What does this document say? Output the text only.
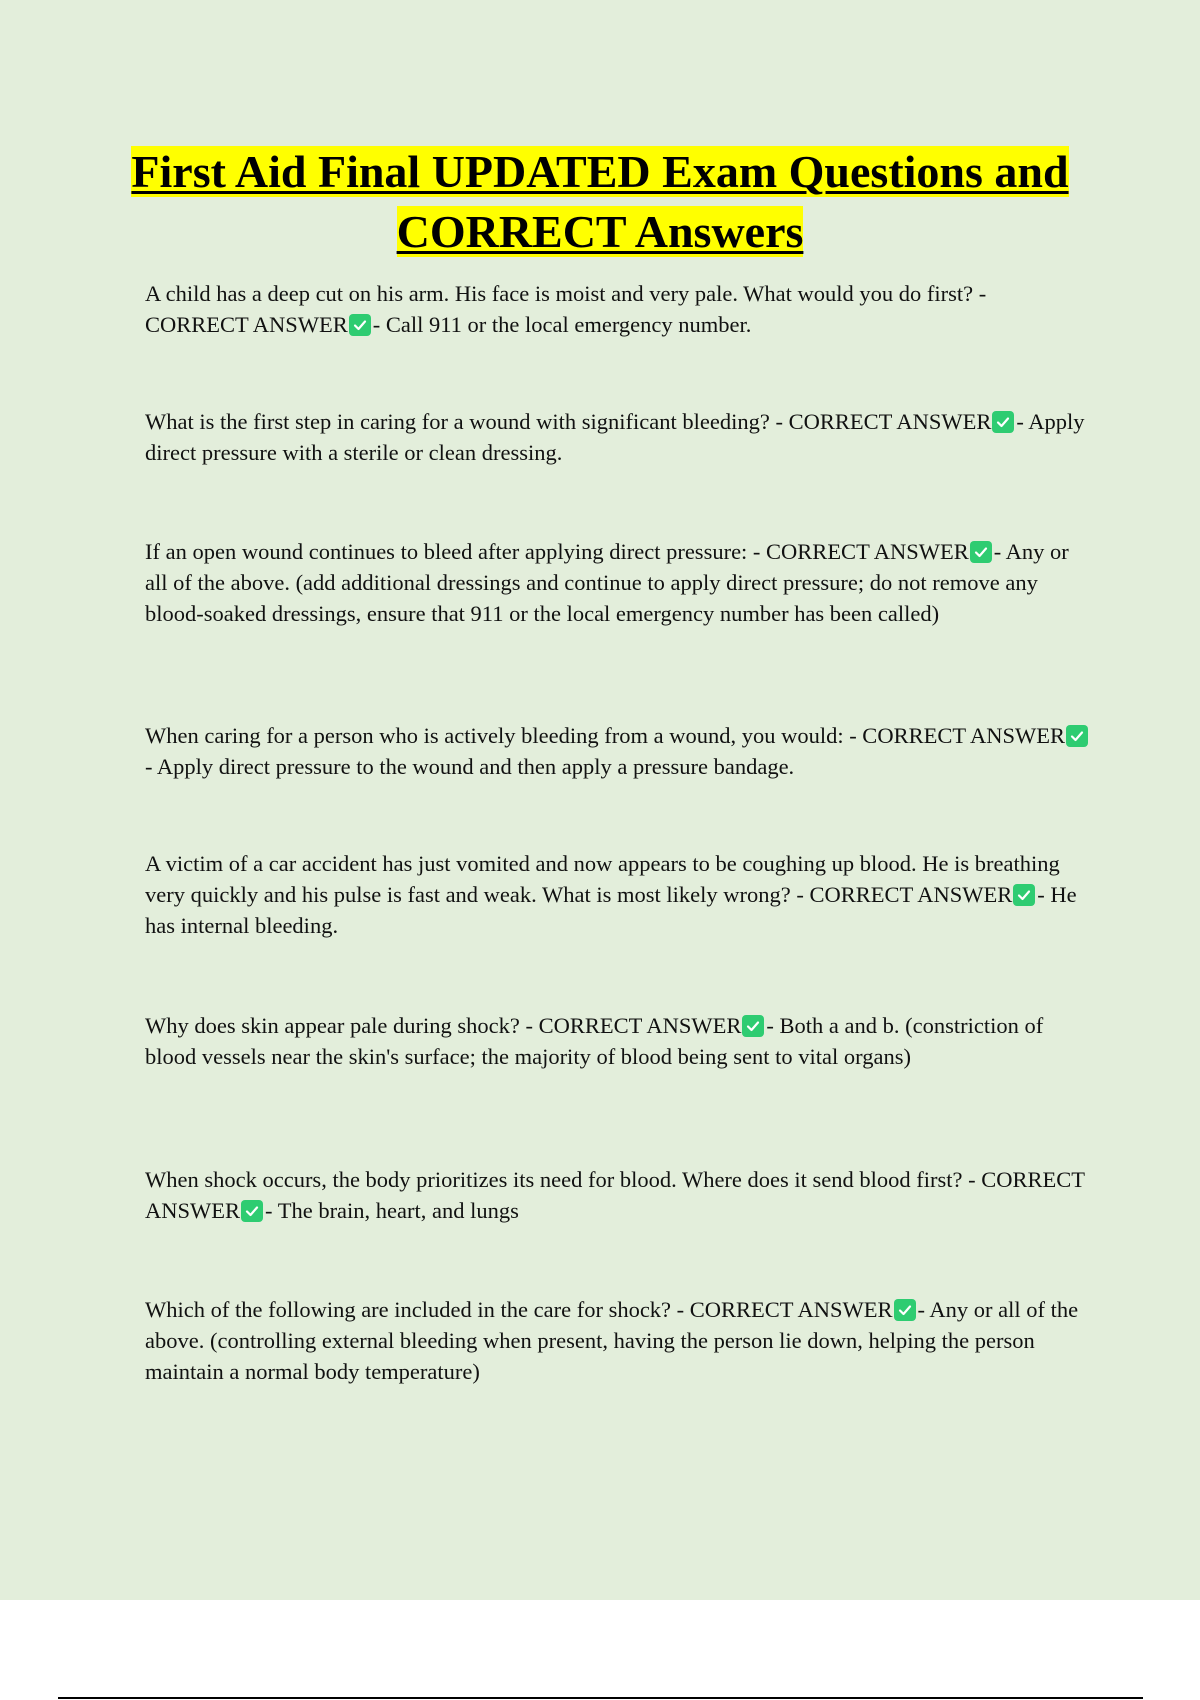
First Aid Final UPDATED Exam Questions and CORRECT Answers

A child has a deep cut on his arm. His face is moist and very pale. What would you do first? - CORRECT ANSWER - Call 911 or the local emergency number.

What is the first step in caring for a wound with significant bleeding? - CORRECT ANSWER - Apply direct pressure with a sterile or clean dressing.

If an open wound continues to bleed after applying direct pressure: - CORRECT ANSWER - Any or all of the above. (add additional dressings and continue to apply direct pressure; do not remove any blood-soaked dressings, ensure that 911 or the local emergency number has been called)

When caring for a person who is actively bleeding from a wound, you would: - CORRECT ANSWER
- Apply direct pressure to the wound and then apply a pressure bandage.

A victim of a car accident has just vomited and now appears to be coughing up blood. He is breathing very quickly and his pulse is fast and weak. What is most likely wrong? - CORRECT ANSWER - He has internal bleeding.

Why does skin appear pale during shock? - CORRECT ANSWER - Both a and b. (constriction of blood vessels near the skin's surface; the majority of blood being sent to vital organs)

When shock occurs, the body prioritizes its need for blood. Where does it send blood first? - CORRECT ANSWER - The brain, heart, and lungs

Which of the following are included in the care for shock? - CORRECT ANSWER - Any or all of the above. (controlling external bleeding when present, having the person lie down, helping the person maintain a normal body temperature)
